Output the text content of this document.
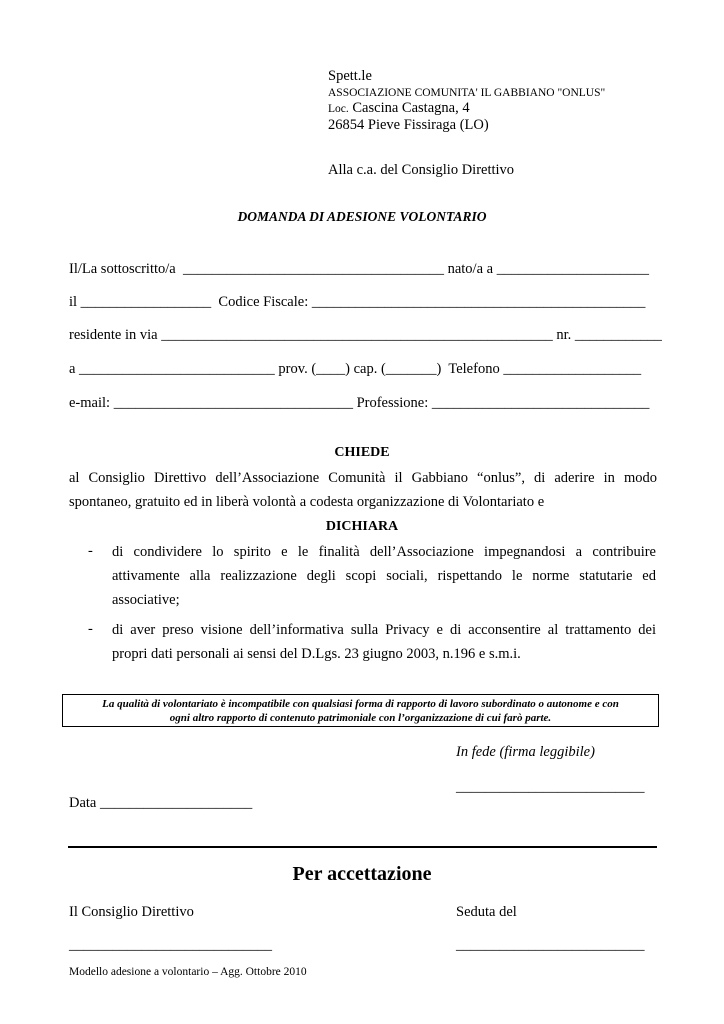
Spett.le
ASSOCIAZIONE COMUNITA' IL GABBIANO "ONLUS"
Loc. Cascina Castagna, 4
26854 Pieve Fissiraga (LO)
Alla c.a. del Consiglio Direttivo
DOMANDA DI ADESIONE VOLONTARIO
Il/La sottoscritto/a  ____________________________________ nato/a a _____________________
il __________________  Codice Fiscale: ______________________________________________
residente in via ______________________________________________________ nr. ____________
a ___________________________ prov. (____) cap. (_______)  Telefono ___________________
e-mail: _________________________________ Professione: ______________________________
CHIEDE
al Consiglio Direttivo dell’Associazione Comunità il Gabbiano “onlus”, di aderire in modo
spontaneo, gratuito ed in liberà volontà a codesta organizzazione di Volontariato e
DICHIARA
- di condividere lo spirito e le finalità dell’Associazione impegnandosi a contribuire
attivamente alla realizzazione degli scopi sociali, rispettando le norme statutarie ed
associative;
- di aver preso visione dell’informativa sulla Privacy e di acconsentire al trattamento dei
propri dati personali ai sensi del D.Lgs. 23 giugno 2003, n.196 e s.m.i.
La qualità di volontariato è incompatibile con qualsiasi forma di rapporto di lavoro subordinato o autonome e con
ogni altro rapporto di contenuto patrimoniale con l’organizzazione di cui farò parte.
In fede (firma leggibile)
__________________________
Data _____________________
Per accettazione
Il Consiglio Direttivo	Seduta del
____________________________	__________________________
Modello adesione a volontario – Agg. Ottobre 2010
